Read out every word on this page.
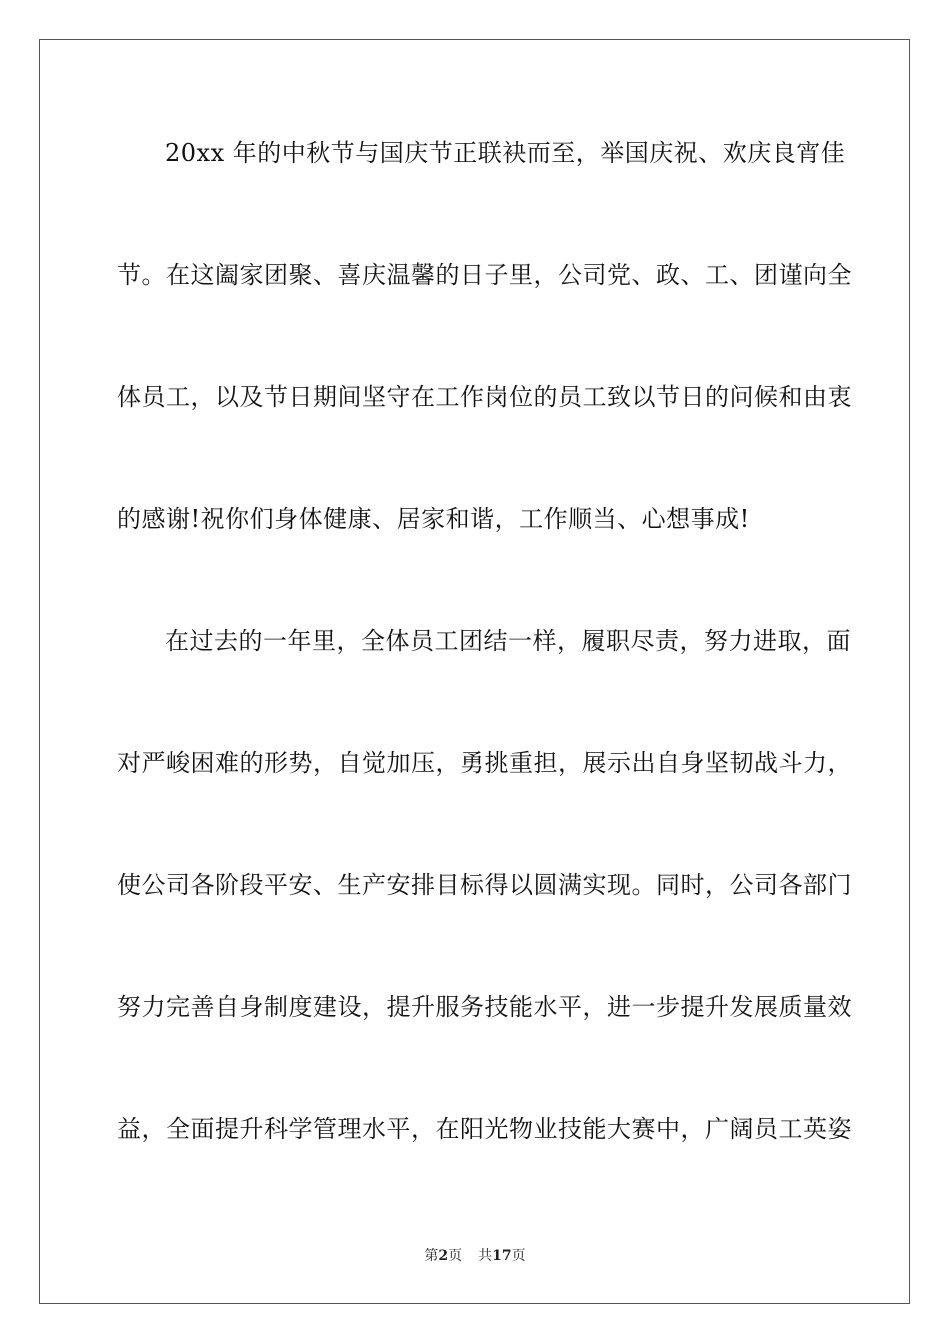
20xx 年的中秋节与国庆节正联袂而至，举国庆祝、欢庆良宵佳
节。在这阖家团聚、喜庆温馨的日子里，公司党、政、工、团谨向全
体员工，以及节日期间坚守在工作岗位的员工致以节日的问候和由衷
的感谢!祝你们身体健康、居家和谐，工作顺当、心想事成!
在过去的一年里，全体员工团结一样，履职尽责，努力进取，面
对严峻困难的形势，自觉加压，勇挑重担，展示出自身坚韧战斗力，
使公司各阶段平安、生产安排目标得以圆满实现。同时，公司各部门
努力完善自身制度建设，提升服务技能水平，进一步提升发展质量效
益，全面提升科学管理水平，在阳光物业技能大赛中，广阔员工英姿
第2页 共17页
